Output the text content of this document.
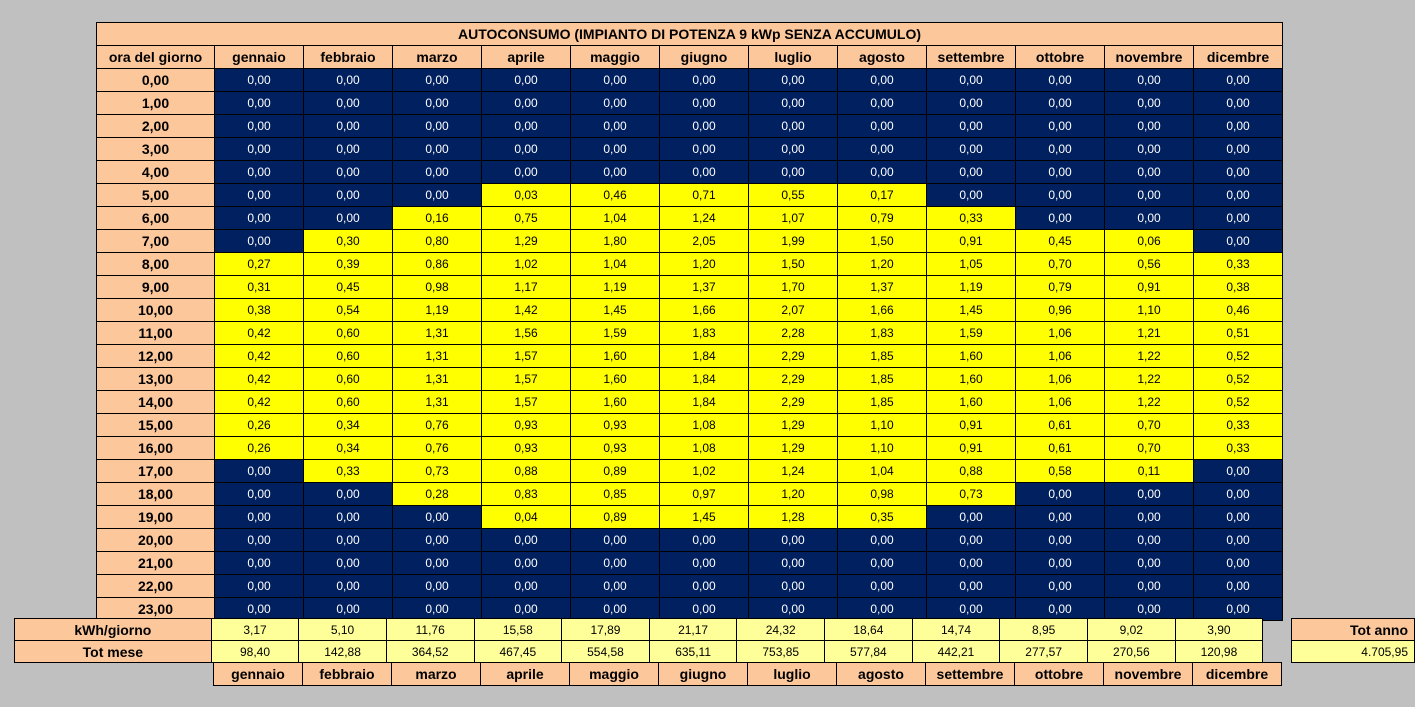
AUTOCONSUMO (IMPIANTO DI POTENZA 9 kWp SENZA ACCUMULO)												
ora del giorno	gennaio	febbraio	marzo	aprile	maggio	giugno	luglio	agosto	settembre	ottobre	novembre	dicembre
0,00	0,00	0,00	0,00	0,00	0,00	0,00	0,00	0,00	0,00	0,00	0,00	0,00
1,00	0,00	0,00	0,00	0,00	0,00	0,00	0,00	0,00	0,00	0,00	0,00	0,00
2,00	0,00	0,00	0,00	0,00	0,00	0,00	0,00	0,00	0,00	0,00	0,00	0,00
3,00	0,00	0,00	0,00	0,00	0,00	0,00	0,00	0,00	0,00	0,00	0,00	0,00
4,00	0,00	0,00	0,00	0,00	0,00	0,00	0,00	0,00	0,00	0,00	0,00	0,00
5,00	0,00	0,00	0,00	0,03	0,46	0,71	0,55	0,17	0,00	0,00	0,00	0,00
6,00	0,00	0,00	0,16	0,75	1,04	1,24	1,07	0,79	0,33	0,00	0,00	0,00
7,00	0,00	0,30	0,80	1,29	1,80	2,05	1,99	1,50	0,91	0,45	0,06	0,00
8,00	0,27	0,39	0,86	1,02	1,04	1,20	1,50	1,20	1,05	0,70	0,56	0,33
9,00	0,31	0,45	0,98	1,17	1,19	1,37	1,70	1,37	1,19	0,79	0,91	0,38
10,00	0,38	0,54	1,19	1,42	1,45	1,66	2,07	1,66	1,45	0,96	1,10	0,46
11,00	0,42	0,60	1,31	1,56	1,59	1,83	2,28	1,83	1,59	1,06	1,21	0,51
12,00	0,42	0,60	1,31	1,57	1,60	1,84	2,29	1,85	1,60	1,06	1,22	0,52
13,00	0,42	0,60	1,31	1,57	1,60	1,84	2,29	1,85	1,60	1,06	1,22	0,52
14,00	0,42	0,60	1,31	1,57	1,60	1,84	2,29	1,85	1,60	1,06	1,22	0,52
15,00	0,26	0,34	0,76	0,93	0,93	1,08	1,29	1,10	0,91	0,61	0,70	0,33
16,00	0,26	0,34	0,76	0,93	0,93	1,08	1,29	1,10	0,91	0,61	0,70	0,33
17,00	0,00	0,33	0,73	0,88	0,89	1,02	1,24	1,04	0,88	0,58	0,11	0,00
18,00	0,00	0,00	0,28	0,83	0,85	0,97	1,20	0,98	0,73	0,00	0,00	0,00
19,00	0,00	0,00	0,00	0,04	0,89	1,45	1,28	0,35	0,00	0,00	0,00	0,00
20,00	0,00	0,00	0,00	0,00	0,00	0,00	0,00	0,00	0,00	0,00	0,00	0,00
21,00	0,00	0,00	0,00	0,00	0,00	0,00	0,00	0,00	0,00	0,00	0,00	0,00
22,00	0,00	0,00	0,00	0,00	0,00	0,00	0,00	0,00	0,00	0,00	0,00	0,00
23,00	0,00	0,00	0,00	0,00	0,00	0,00	0,00	0,00	0,00	0,00	0,00	0,00
kWh/giorno	3,17	5,10	11,76	15,58	17,89	21,17	24,32	18,64	14,74	8,95	9,02	3,90		Tot anno
Tot mese	98,40	142,88	364,52	467,45	554,58	635,11	753,85	577,84	442,21	277,57	270,56	120,98		4.705,95
gennaio	febbraio	marzo	aprile	maggio	giugno	luglio	agosto	settembre	ottobre	novembre	dicembre
